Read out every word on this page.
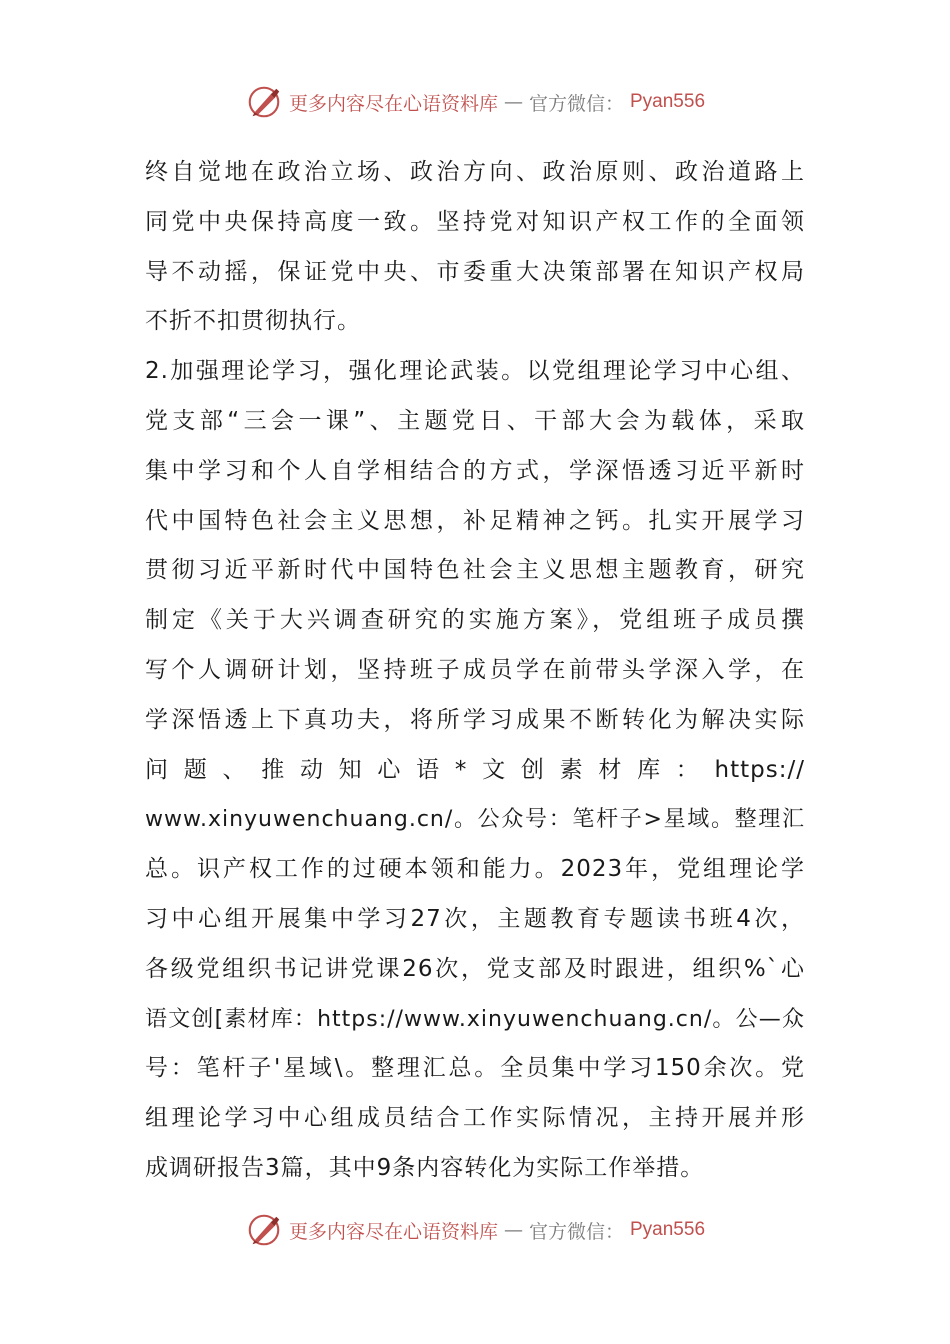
更多内容尽在心语资料库 — 官方微信： Pyan556
终自觉地在政治立场、政治方向、政治原则、政治道路上
同党中央保持高度一致。坚持党对知识产权工作的全面领
导不动摇，保证党中央、市委重大决策部署在知识产权局
不折不扣贯彻执行。
2.加强理论学习，强化理论武装。以党组理论学习中心组、
党支部“三会一课”、主题党日、干部大会为载体，采取
集中学习和个人自学相结合的方式，学深悟透习近平新时
代中国特色社会主义思想，补足精神之钙。扎实开展学习
贯彻习近平新时代中国特色社会主义思想主题教育，研究
制定《关于大兴调查研究的实施方案》，党组班子成员撰
写个人调研计划，坚持班子成员学在前带头学深入学，在
学深悟透上下真功夫，将所学习成果不断转化为解决实际
问题、推动知心语*文创素材库：https://
www.xinyuwenchuang.cn/。公众号：笔杆子>星域。整理汇
总。识产权工作的过硬本领和能力。2023年，党组理论学
习中心组开展集中学习27次，主题教育专题读书班4次，
各级党组织书记讲党课26次，党支部及时跟进，组织%`心
语文创[素材库：https://www.xinyuwenchuang.cn/。公—众
号：笔杆子'星域\。整理汇总。全员集中学习150余次。党
组理论学习中心组成员结合工作实际情况，主持开展并形
成调研报告3篇，其中9条内容转化为实际工作举措。
更多内容尽在心语资料库 — 官方微信： Pyan556
